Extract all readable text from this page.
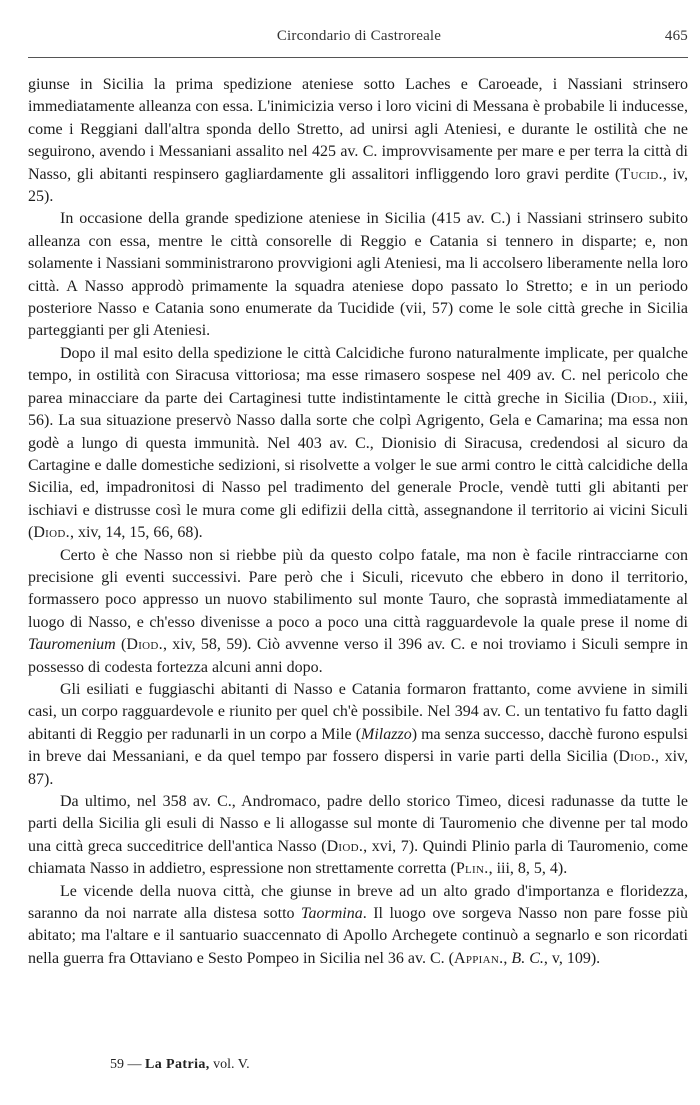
Circondario di Castroreale	465

giunse in Sicilia la prima spedizione ateniese sotto Laches e Caroeade, i Nassiani strinsero immediatamente alleanza con essa. L'inimicizia verso i loro vicini di Messana è probabile li inducesse, come i Reggiani dall'altra sponda dello Stretto, ad unirsi agli Ateniesi, e durante le ostilità che ne seguirono, avendo i Messaniani assalito nel 425 av. C. improvvisamente per mare e per terra la città di Nasso, gli abitanti respinsero gagliardamente gli assalitori infliggendo loro gravi perdite (Tucid., iv, 25).

In occasione della grande spedizione ateniese in Sicilia (415 av. C.) i Nassiani strinsero subito alleanza con essa, mentre le città consorelle di Reggio e Catania si tennero in disparte; e, non solamente i Nassiani somministrarono provvigioni agli Ateniesi, ma li accolsero liberamente nella loro città. A Nasso approdò primamente la squadra ateniese dopo passato lo Stretto; e in un periodo posteriore Nasso e Catania sono enumerate da Tucidide (vii, 57) come le sole città greche in Sicilia parteggianti per gli Ateniesi.

Dopo il mal esito della spedizione le città Calcidiche furono naturalmente implicate, per qualche tempo, in ostilità con Siracusa vittoriosa; ma esse rimasero sospese nel 409 av. C. nel pericolo che parea minacciare da parte dei Cartaginesi tutte indistintamente le città greche in Sicilia (Diod., xiii, 56). La sua situazione preservò Nasso dalla sorte che colpì Agrigento, Gela e Camarina; ma essa non godè a lungo di questa immunità. Nel 403 av. C., Dionisio di Siracusa, credendosi al sicuro da Cartagine e dalle domestiche sedizioni, si risolvette a volger le sue armi contro le città calcidiche della Sicilia, ed, impadronitosi di Nasso pel tradimento del generale Procle, vendè tutti gli abitanti per ischiavi e distrusse così le mura come gli edifizii della città, assegnandone il territorio ai vicini Siculi (Diod., xiv, 14, 15, 66, 68).

Certo è che Nasso non si riebbe più da questo colpo fatale, ma non è facile rintracciarne con precisione gli eventi successivi. Pare però che i Siculi, ricevuto che ebbero in dono il territorio, formassero poco appresso un nuovo stabilimento sul monte Tauro, che soprastà immediatamente al luogo di Nasso, e ch'esso divenisse a poco a poco una città ragguardevole la quale prese il nome di Tauromenium (Diod., xiv, 58, 59). Ciò avvenne verso il 396 av. C. e noi troviamo i Siculi sempre in possesso di codesta fortezza alcuni anni dopo.

Gli esiliati e fuggiaschi abitanti di Nasso e Catania formaron frattanto, come avviene in simili casi, un corpo ragguardevole e riunito per quel ch'è possibile. Nel 394 av. C. un tentativo fu fatto dagli abitanti di Reggio per radunarli in un corpo a Mile (Milazzo) ma senza successo, dacchè furono espulsi in breve dai Messaniani, e da quel tempo par fossero dispersi in varie parti della Sicilia (Diod., xiv, 87).

Da ultimo, nel 358 av. C., Andromaco, padre dello storico Timeo, dicesi radunasse da tutte le parti della Sicilia gli esuli di Nasso e li allogasse sul monte di Tauromenio che divenne per tal modo una città greca succeditrice dell'antica Nasso (Diod., xvi, 7). Quindi Plinio parla di Tauromenio, come chiamata Nasso in addietro, espressione non strettamente corretta (Plin., iii, 8, 5, 4).

Le vicende della nuova città, che giunse in breve ad un alto grado d'importanza e floridezza, saranno da noi narrate alla distesa sotto Taormina. Il luogo ove sorgeva Nasso non pare fosse più abitato; ma l'altare e il santuario suaccennato di Apollo Archegete continuò a segnarlo e son ricordati nella guerra fra Ottaviano e Sesto Pompeo in Sicilia nel 36 av. C. (Appian., B. C., v, 109).

59 — La Patria, vol. V.
